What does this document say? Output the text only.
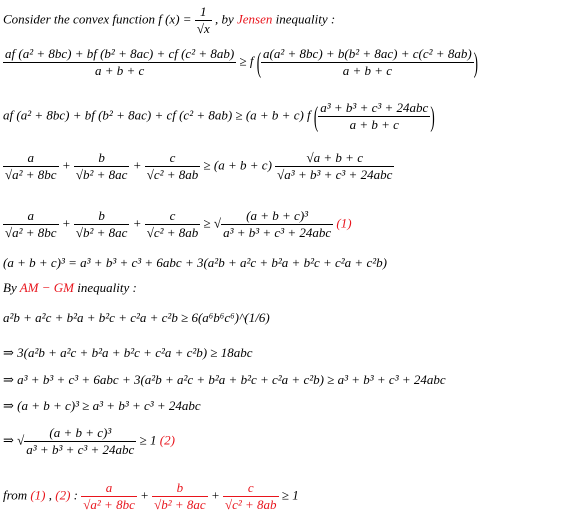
Consider the convex function f $(x) = \frac{1}{√x}$ , by Jensen inequality :
$\frac{\text{af (a² + 8bc) + bf (b² + 8ac) + cf (c² + 8ab)}}{a + b + c} \ge f$ ( $\frac{\text{a(a² + 8bc) + b(b² + 8ac) + c(c² + 8ab)}}{a + b + c}$ )
af (a² + 8bc) + bf (b² + 8ac) + cf (c² + 8ab) ≥ (a + b + c) f ( $\frac{\text{a³ + b³ + c³ + 24abc}}{a + b + c}$ )
$\frac{a}{\text{√a² + 8bc}} + \frac{b}{\text{√b² + 8ac}} + \frac{c}{\text{√c² + 8ab}} \ge (a + b + c) \frac{√a + b + c}{\text{√a³ + b³ + c³ + 24abc}}$
$\frac{a}{\text{√a² + 8bc}} + \frac{b}{\text{√b² + 8ac}} + \frac{c}{\text{√c² + 8ab}}$ ≥ √ $\frac{\text{(a + b + c)³}}{\text{a³ + b³ + c³ + 24abc}} (1)$
(a + b + c)³ = a³ + b³ + c³ + 6abc + 3(a²b + a²c + b²a + b²c + c²a + c²b)
By AM − GM inequality :
a²b + a²c + b²a + b²c + c²a + c²b ≥ 6(a⁶b⁶c⁶)^(1/6)
⇒ 3(a²b + a²c + b²a + b²c + c²a + c²b) ≥ 18abc
⇒ a³ + b³ + c³ + 6abc + 3(a²b + a²c + b²a + b²c + c²a + c²b) ≥ a³ + b³ + c³ + 24abc
⇒ (a + b + c)³ ≥ a³ + b³ + c³ + 24abc
⇒ √ $\frac{\text{(a + b + c)³}}{\text{a³ + b³ + c³ + 24abc}} \ge 1$ (2)
from (1) , (2) : $\frac{a}{\text{√a² + 8bc}} + \frac{b}{\text{√b² + 8ac}} + \frac{c}{\text{√c² + 8ab}} \ge 1$
